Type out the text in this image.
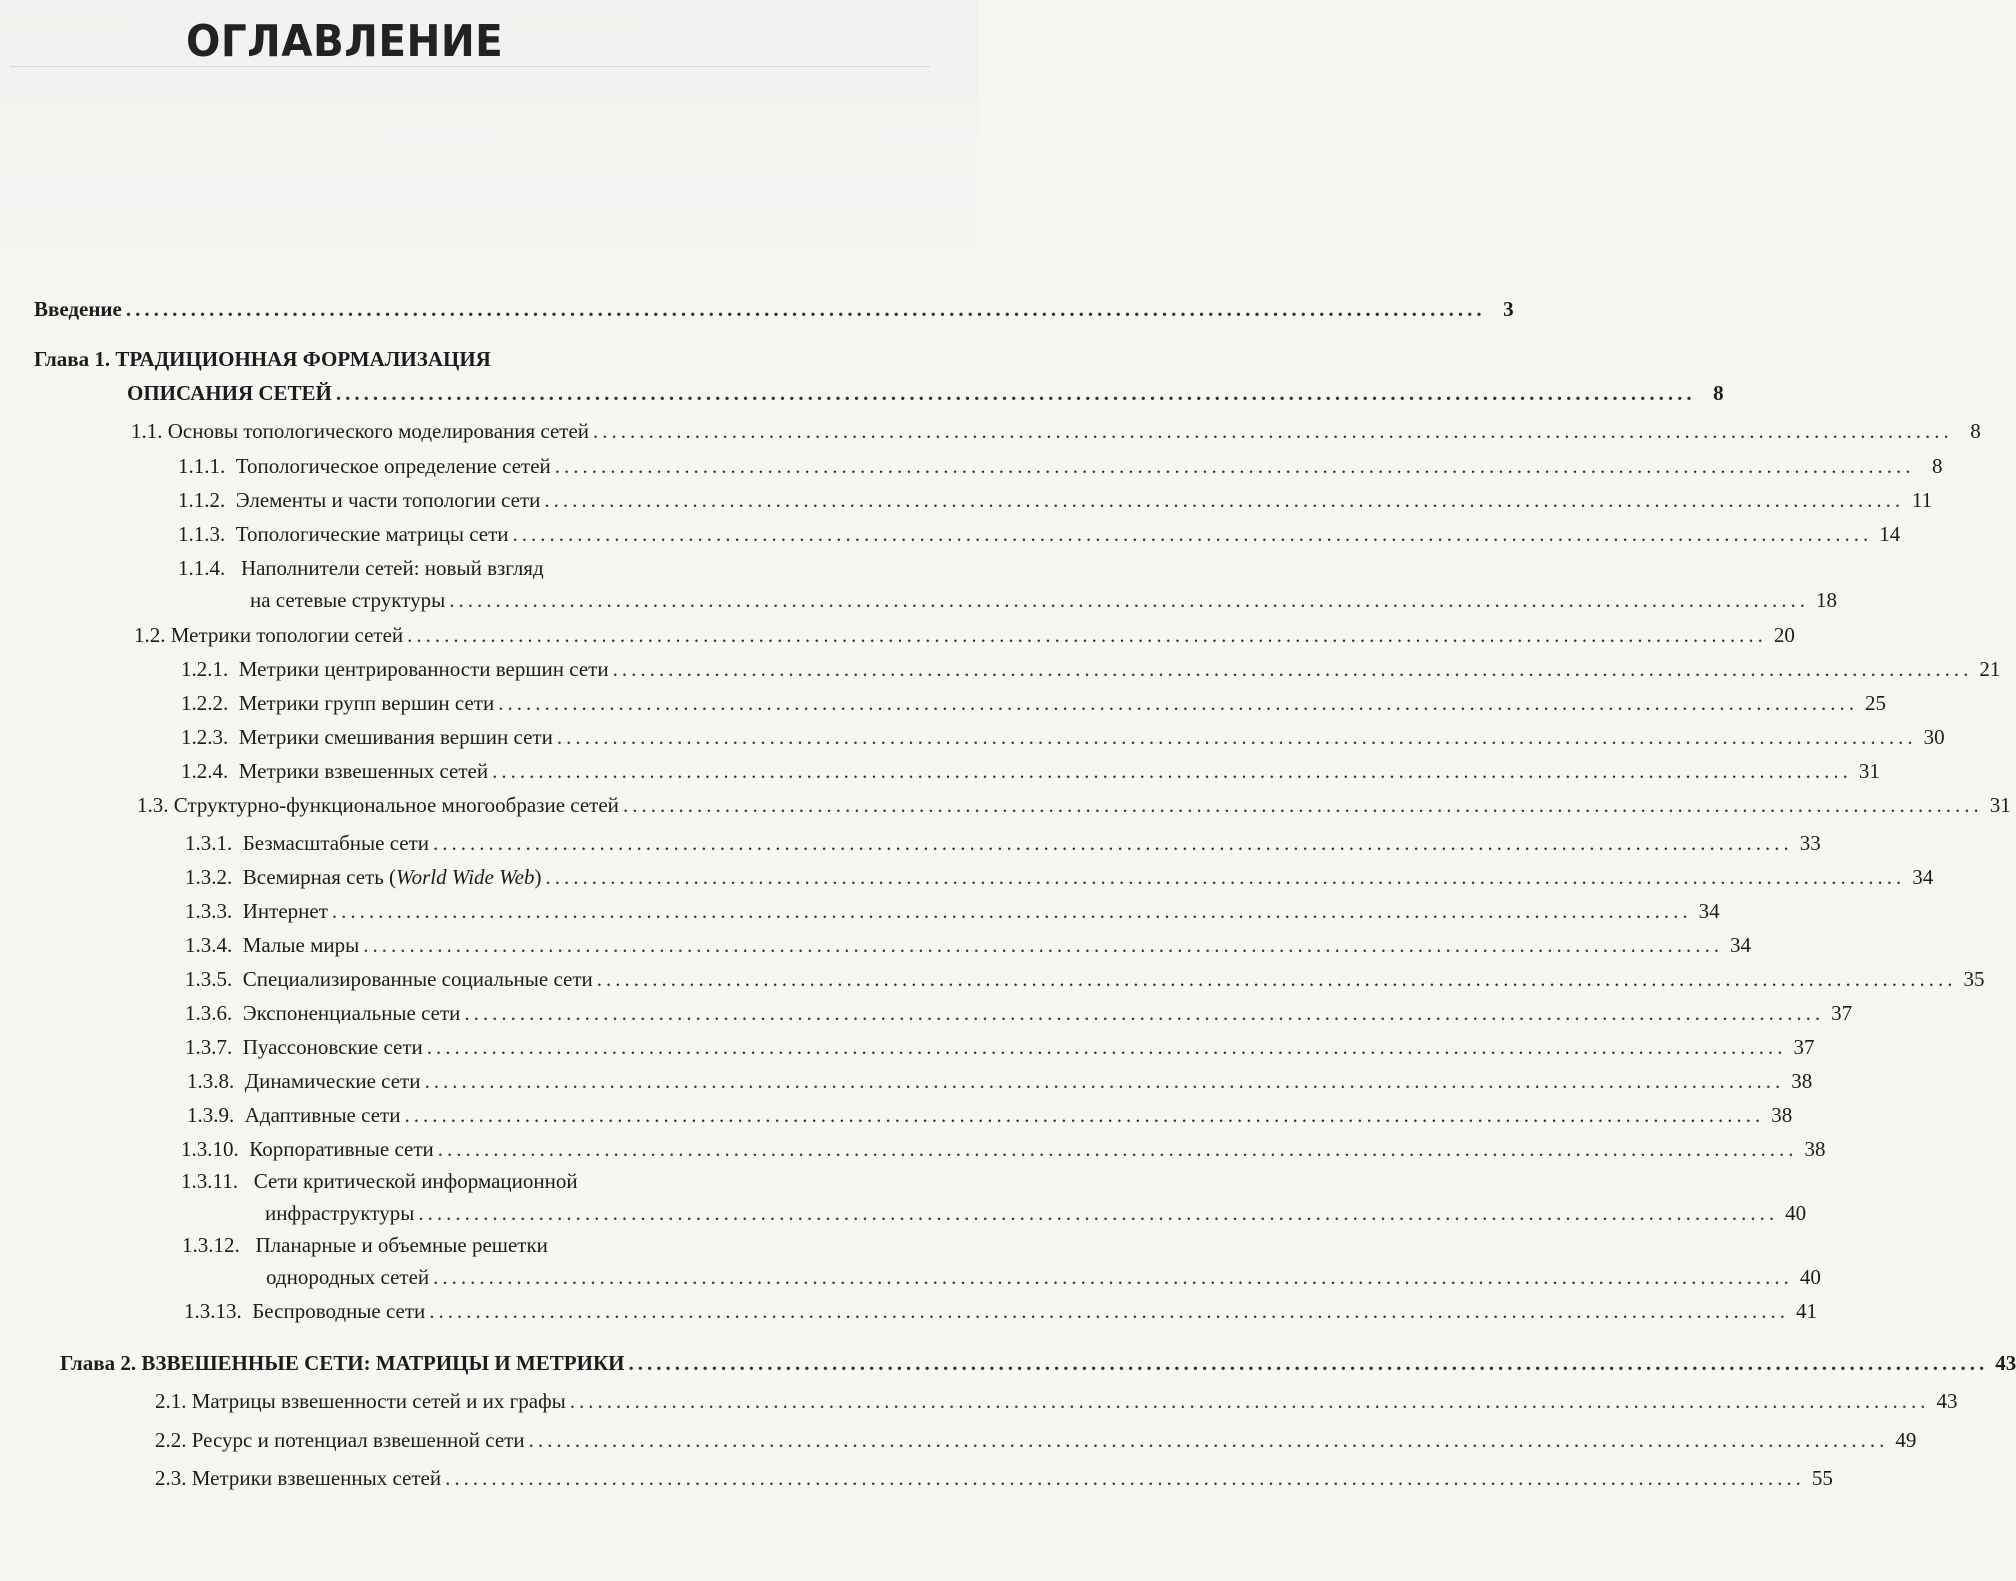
ОГЛАВЛЕНИЕ
Введение ................................................................................................................................................... 3
Глава 1. ТРАДИЦИОННАЯ ФОРМАЛИЗАЦИЯ
ОПИСАНИЯ СЕТЕЙ ................................................................................................................................................... 8
1.1.
Основы топологического моделирования сетей ................................................................................................................................................... 8
1.1.1.
Топологическое определение сетей ................................................................................................................................................... 8
1.1.2.
Элементы и части топологии сети ................................................................................................................................................... 11
1.1.3.
Топологические матрицы сети ................................................................................................................................................... 14
1.1.4. Наполнители сетей: новый взгляд
на сетевые структуры ................................................................................................................................................... 18
1.2.
Метрики топологии сетей ................................................................................................................................................... 20
1.2.1.
Метрики центрированности вершин сети ................................................................................................................................................... 21
1.2.2.
Метрики групп вершин сети ................................................................................................................................................... 25
1.2.3.
Метрики смешивания вершин сети ................................................................................................................................................... 30
1.2.4.
Метрики взвешенных сетей ................................................................................................................................................... 31
1.3.
Структурно-функциональное многообразие сетей ................................................................................................................................................... 31
1.3.1.
Безмасштабные сети ................................................................................................................................................... 33
1.3.2.
Всемирная сеть (World Wide Web) ................................................................................................................................................... 34
1.3.3.
Интернет ................................................................................................................................................... 34
1.3.4.
Малые миры ................................................................................................................................................... 34
1.3.5.
Специализированные социальные сети ................................................................................................................................................... 35
1.3.6.
Экспоненциальные сети ................................................................................................................................................... 37
1.3.7.
Пуассоновские сети ................................................................................................................................................... 37
1.3.8.
Динамические сети ................................................................................................................................................... 38
1.3.9.
Адаптивные сети ................................................................................................................................................... 38
1.3.10.
Корпоративные сети ................................................................................................................................................... 38
1.3.11. Сети критической информационной
инфраструктуры ................................................................................................................................................... 40
1.3.12. Планарные и объемные решетки
однородных сетей ................................................................................................................................................... 40
1.3.13.
Беспроводные сети ................................................................................................................................................... 41
Глава 2.
ВЗВЕШЕННЫЕ СЕТИ: МАТРИЦЫ И МЕТРИКИ ................................................................................................................................................... 43
2.1.
Матрицы взвешенности сетей и их графы ................................................................................................................................................... 43
2.2.
Ресурс и потенциал взвешенной сети ................................................................................................................................................... 49
2.3.
Метрики взвешенных сетей ................................................................................................................................................... 55
